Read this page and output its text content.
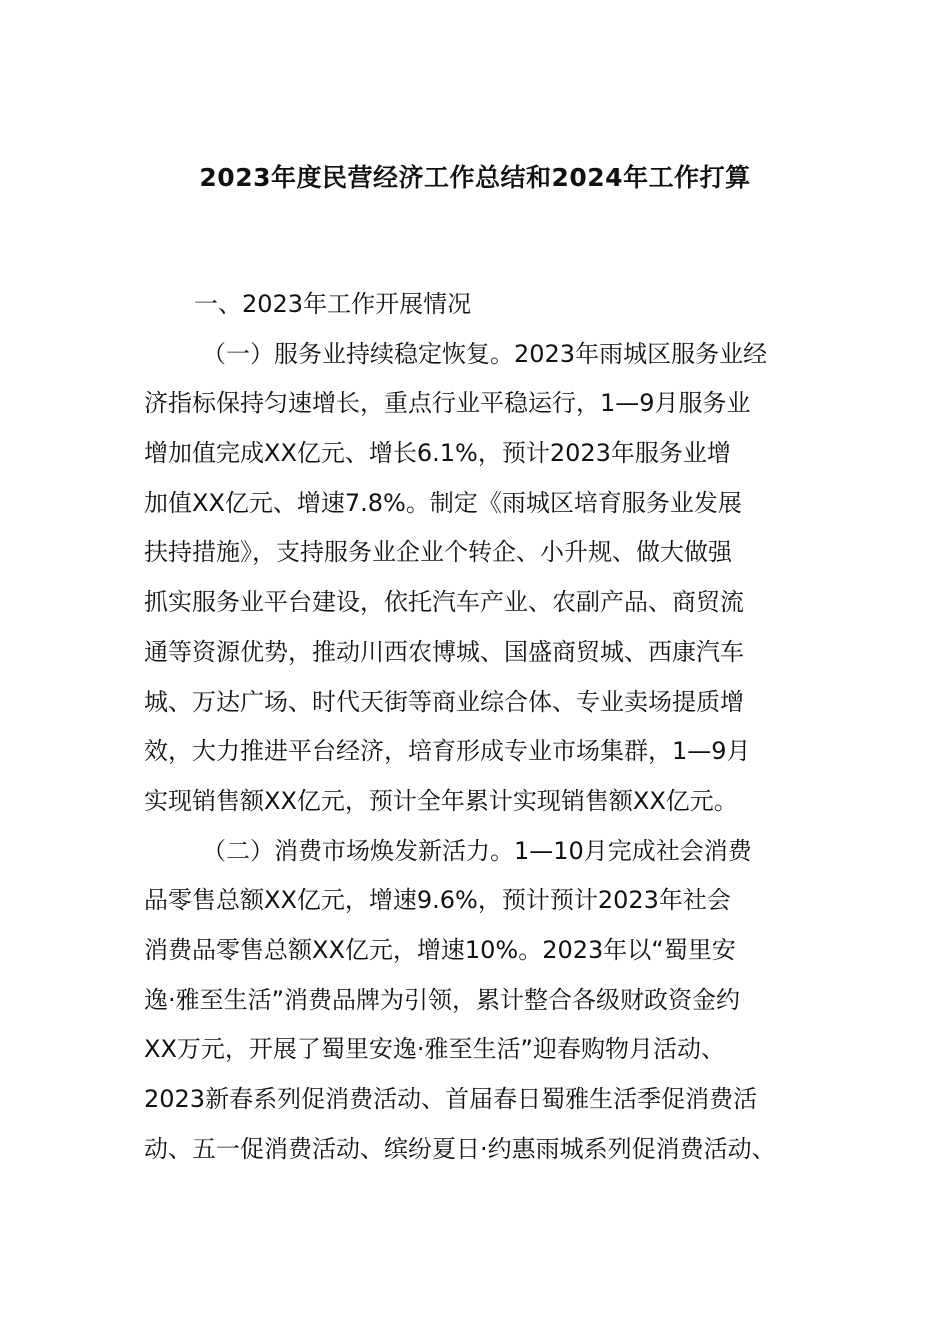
2023年度民营经济工作总结和2024年工作打算
一、2023年工作开展情况
（一）服务业持续稳定恢复。2023年雨城区服务业经
济指标保持匀速增长，重点行业平稳运行，1—9月服务业
增加值完成XX亿元、增长6.1%，预计2023年服务业增
加值XX亿元、增速7.8%。制定《雨城区培育服务业发展
扶持措施》，支持服务业企业个转企、小升规、做大做强
抓实服务业平台建设，依托汽车产业、农副产品、商贸流
通等资源优势，推动川西农博城、国盛商贸城、西康汽车
城、万达广场、时代天街等商业综合体、专业卖场提质增
效，大力推进平台经济，培育形成专业市场集群，1—9月
实现销售额XX亿元，预计全年累计实现销售额XX亿元。
（二）消费市场焕发新活力。1—10月完成社会消费
品零售总额XX亿元，增速9.6%，预计预计2023年社会
消费品零售总额XX亿元，增速10%。2023年以“蜀里安
逸·雅至生活”消费品牌为引领，累计整合各级财政资金约
XX万元，开展了蜀里安逸·雅至生活”迎春购物月活动、
2023新春系列促消费活动、首届春日蜀雅生活季促消费活
动、五一促消费活动、缤纷夏日·约惠雨城系列促消费活动、
